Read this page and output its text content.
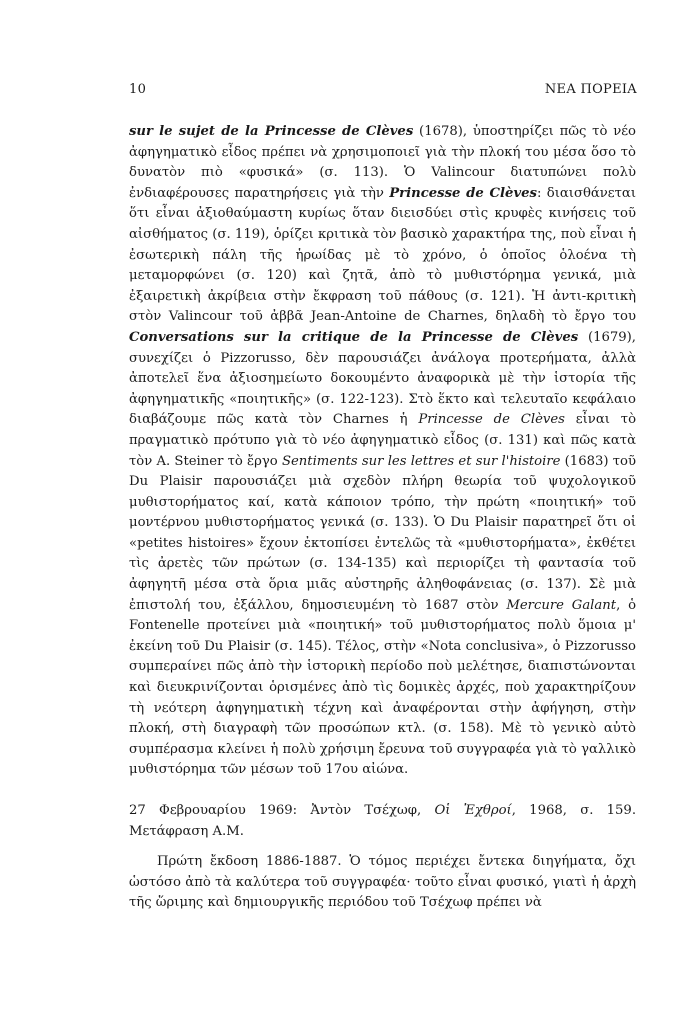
10	ΝΕΑ ΠΟΡΕΙΑ

sur le sujet de la Princesse de Clèves (1678), ὑποστηρίζει πῶς τὸ νέο ἀφηγηματικὸ εἶδος πρέπει νὰ χρησιμοποιεῖ γιὰ τὴν πλοκή του μέσα ὅσο τὸ δυνατὸν πιὸ «φυσικά» (σ. 113). Ὁ Valincour διατυπώνει πολὺ ἐνδιαφέρουσες παρατηρήσεις γιὰ τὴν Princesse de Clèves: διαισθάνεται ὅτι εἶναι ἀξιοθαύμαστη κυρίως ὅταν διεισδύει στὶς κρυφὲς κινήσεις τοῦ αἰσθήματος (σ. 119), ὁρίζει κριτικὰ τὸν βασικὸ χαρακτήρα της, ποὺ εἶναι ἡ ἐσωτερικὴ πάλη τῆς ἡρωίδας μὲ τὸ χρόνο, ὁ ὁποῖος ὁλοένα τὴ μεταμορφώνει (σ. 120) καὶ ζητᾶ, ἀπὸ τὸ μυθιστόρημα γενικά, μιὰ ἐξαιρετικὴ ἀκρίβεια στὴν ἔκφραση τοῦ πάθους (σ. 121). Ἡ ἀντι-κριτικὴ στὸν Valincour τοῦ ἀββᾶ Jean-Antoine de Charnes, δηλαδὴ τὸ ἔργο του Conversations sur la critique de la Princesse de Clèves (1679), συνεχίζει ὁ Pizzorusso, δὲν παρουσιάζει ἀνάλογα προτερήματα, ἀλλὰ ἀποτελεῖ ἕνα ἀξιοσημείωτο δοκουμέντο ἀναφορικὰ μὲ τὴν ἱστορία τῆς ἀφηγηματικῆς «ποιητικῆς» (σ. 122-123). Στὸ ἕκτο καὶ τελευταῖο κεφάλαιο διαβάζουμε πῶς κατὰ τὸν Charnes ἡ Princesse de Clèves εἶναι τὸ πραγματικὸ πρότυπο γιὰ τὸ νέο ἀφηγηματικὸ εἶδος (σ. 131) καὶ πῶς κατὰ τὸν A. Steiner τὸ ἔργο Sentiments sur les lettres et sur l'histoire (1683) τοῦ Du Plaisir παρουσιάζει μιὰ σχεδὸν πλήρη θεωρία τοῦ ψυχολογικοῦ μυθιστορήματος καί, κατὰ κάποιον τρόπο, τὴν πρώτη «ποιητική» τοῦ μοντέρνου μυθιστορήματος γενικά (σ. 133). Ὁ Du Plaisir παρατηρεῖ ὅτι οἱ «petites histoires» ἔχουν ἐκτοπίσει ἐντελῶς τὰ «μυθιστορήματα», ἐκθέτει τὶς ἀρετὲς τῶν πρώτων (σ. 134-135) καὶ περιορίζει τὴ φαντασία τοῦ ἀφηγητῆ μέσα στὰ ὅρια μιᾶς αὐστηρῆς ἀληθοφάνειας (σ. 137). Σὲ μιὰ ἐπιστολή του, ἐξάλλου, δημοσιευμένη τὸ 1687 στὸν Mercure Galant, ὁ Fontenelle προτείνει μιὰ «ποιητική» τοῦ μυθιστορήματος πολὺ ὅμοια μ' ἐκείνη τοῦ Du Plaisir (σ. 145). Τέλος, στὴν «Nota conclusiva», ὁ Pizzorusso συμπεραίνει πῶς ἀπὸ τὴν ἱστορικὴ περίοδο ποὺ μελέτησε, διαπιστώνονται καὶ διευκρινίζονται ὁρισμένες ἀπὸ τὶς δομικὲς ἀρχές, ποὺ χαρακτηρίζουν τὴ νεότερη ἀφηγηματικὴ τέχνη καὶ ἀναφέρονται στὴν ἀφήγηση, στὴν πλοκή, στὴ διαγραφὴ τῶν προσώπων κτλ. (σ. 158). Μὲ τὸ γενικὸ αὐτὸ συμπέρασμα κλείνει ἡ πολὺ χρήσιμη ἔρευνα τοῦ συγγραφέα γιὰ τὸ γαλλικὸ μυθιστόρημα τῶν μέσων τοῦ 17ου αἰώνα.

27 Φεβρουαρίου 1969: Ἀντὸν Τσέχωφ, Οἱ Ἐχθροί, 1968, σ. 159. Μετάφραση A.M.

Πρώτη ἔκδοση 1886-1887. Ὁ τόμος περιέχει ἔντεκα διηγήματα, ὄχι ὡστόσο ἀπὸ τὰ καλύτερα τοῦ συγγραφέα· τοῦτο εἶναι φυσικό, γιατὶ ἡ ἀρχὴ τῆς ὥριμης καὶ δημιουργικῆς περιόδου τοῦ Τσέχωφ πρέπει νὰ
